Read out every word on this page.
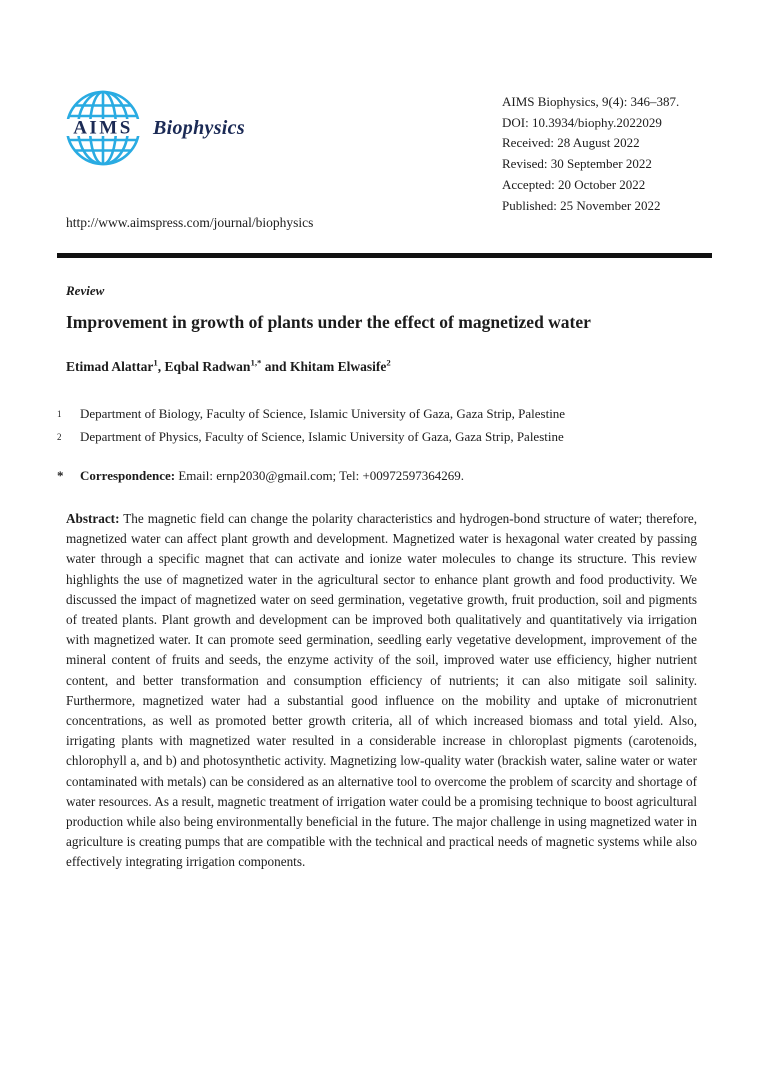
AIMS Biophysics
AIMS Biophysics, 9(4): 346–387.
DOI: 10.3934/biophy.2022029
Received: 28 August 2022
Revised: 30 September 2022
Accepted: 20 October 2022
Published: 25 November 2022
http://www.aimspress.com/journal/biophysics
Review
Improvement in growth of plants under the effect of magnetized water
Etimad Alattar$^1$, Eqbal Radwan$^{1,*}$ and Khitam Elwasife$^2$
1	Department of Biology, Faculty of Science, Islamic University of Gaza, Gaza Strip, Palestine
2	Department of Physics, Faculty of Science, Islamic University of Gaza, Gaza Strip, Palestine
*	Correspondence: Email: ernp2030@gmail.com; Tel: +00972597364269.

Abstract: The magnetic field can change the polarity characteristics and hydrogen-bond structure of water; therefore, magnetized water can affect plant growth and development. Magnetized water is hexagonal water created by passing water through a specific magnet that can activate and ionize water molecules to change its structure. This review highlights the use of magnetized water in the agricultural sector to enhance plant growth and food productivity. We discussed the impact of magnetized water on seed germination, vegetative growth, fruit production, soil and pigments of treated plants. Plant growth and development can be improved both qualitatively and quantitatively via irrigation with magnetized water. It can promote seed germination, seedling early vegetative development, improvement of the mineral content of fruits and seeds, the enzyme activity of the soil, improved water use efficiency, higher nutrient content, and better transformation and consumption efficiency of nutrients; it can also mitigate soil salinity. Furthermore, magnetized water had a substantial good influence on the mobility and uptake of micronutrient concentrations, as well as promoted better growth criteria, all of which increased biomass and total yield. Also, irrigating plants with magnetized water resulted in a considerable increase in chloroplast pigments (carotenoids, chlorophyll a, and b) and photosynthetic activity. Magnetizing low-quality water (brackish water, saline water or water contaminated with metals) can be considered as an alternative tool to overcome the problem of scarcity and shortage of water resources. As a result, magnetic treatment of irrigation water could be a promising technique to boost agricultural production while also being environmentally beneficial in the future. The major challenge in using magnetized water in agriculture is creating pumps that are compatible with the technical and practical needs of magnetic systems while also effectively integrating irrigation components.
